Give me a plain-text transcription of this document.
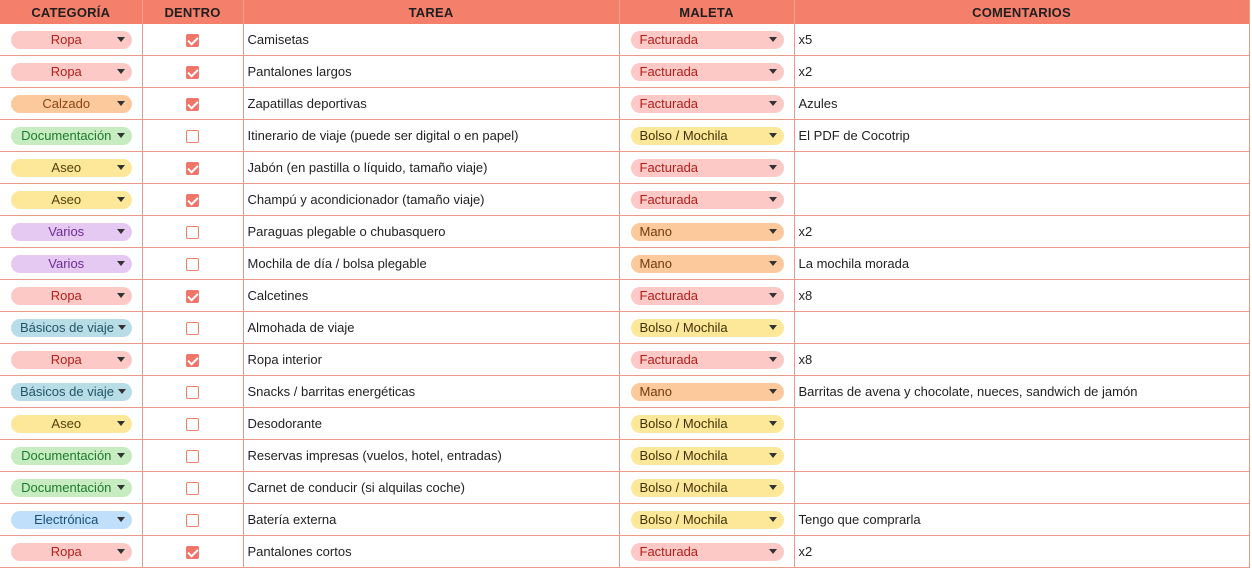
CATEGORÍA	DENTRO	TAREA	MALETA	COMENTARIOS

Ropa		Camisetas	Facturada	x5

Ropa		Pantalones largos	Facturada	x2

Calzado		Zapatillas deportivas	Facturada	Azules

Documentación		Itinerario de viaje (puede ser digital o en papel)	Bolso / Mochila	El PDF de Cocotrip

Aseo		Jabón (en pastilla o líquido, tamaño viaje)	Facturada	

Aseo		Champú y acondicionador (tamaño viaje)	Facturada	

Varios		Paraguas plegable o chubasquero	Mano	x2

Varios		Mochila de día / bolsa plegable	Mano	La mochila morada

Ropa		Calcetines	Facturada	x8

Básicos de viaje		Almohada de viaje	Bolso / Mochila	

Ropa		Ropa interior	Facturada	x8

Básicos de viaje		Snacks / barritas energéticas	Mano	Barritas de avena y chocolate, nueces, sandwich de jamón

Aseo		Desodorante	Bolso / Mochila	

Documentación		Reservas impresas (vuelos, hotel, entradas)	Bolso / Mochila	

Documentación		Carnet de conducir (si alquilas coche)	Bolso / Mochila	

Electrónica		Batería externa	Bolso / Mochila	Tengo que comprarla

Ropa		Pantalones cortos	Facturada	x2
